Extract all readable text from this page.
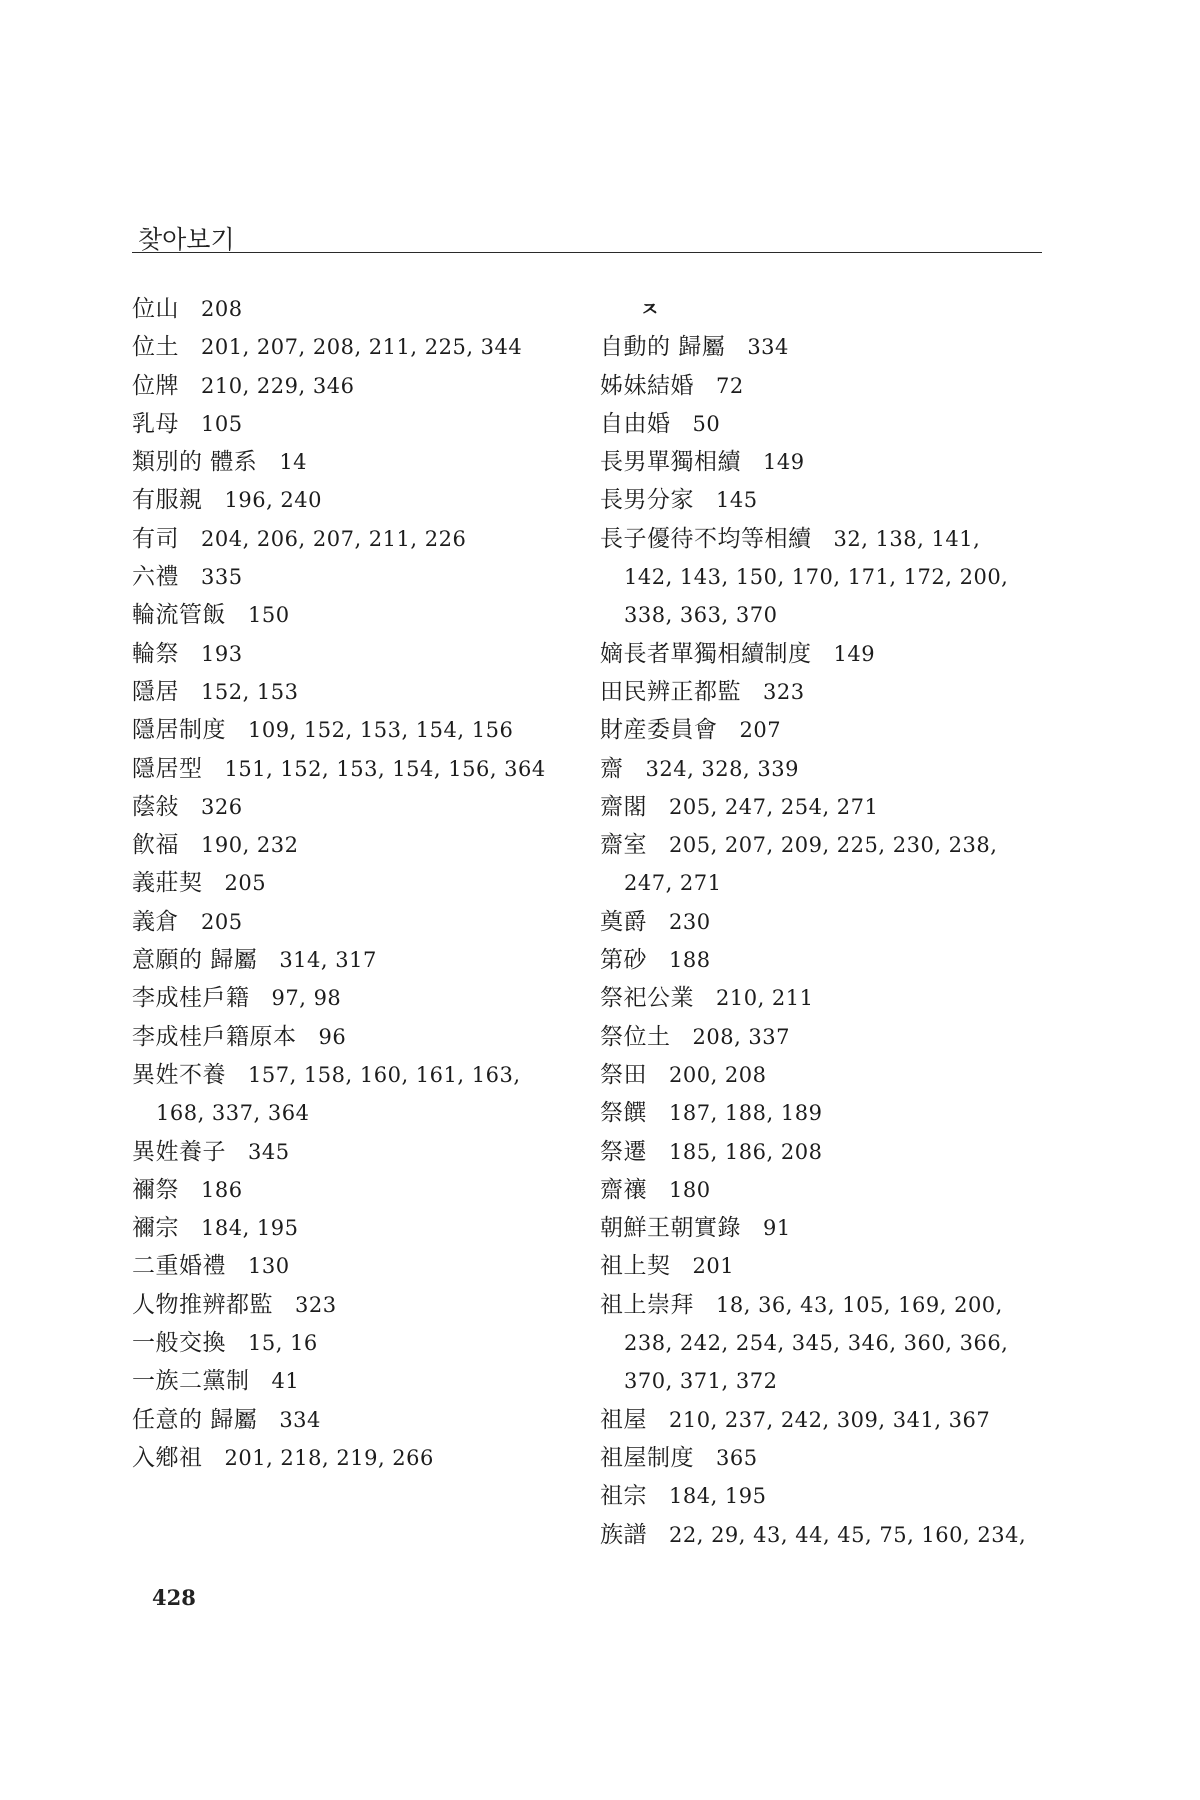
찾아보기
位山 208
位土 201, 207, 208, 211, 225, 344
位牌 210, 229, 346
乳母 105
類別的 體系 14
有服親 196, 240
有司 204, 206, 207, 211, 226
六禮 335
輪流管飯 150
輪祭 193
隱居 152, 153
隱居制度 109, 152, 153, 154, 156
隱居型 151, 152, 153, 154, 156, 364
蔭敍 326
飮福 190, 232
義莊契 205
義倉 205
意願的 歸屬 314, 317
李成桂戶籍 97, 98
李成桂戶籍原本 96
異姓不養 157, 158, 160, 161, 163,
168, 337, 364
異姓養子 345
禰祭 186
禰宗 184, 195
二重婚禮 130
人物推辨都監 323
一般交換 15, 16
一族二黨制 41
任意的 歸屬 334
入鄕祖 201, 218, 219, 266
ㅈ
自動的 歸屬 334
姊妹結婚 72
自由婚 50
長男單獨相續 149
長男分家 145
長子優待不均等相續 32, 138, 141,
142, 143, 150, 170, 171, 172, 200,
338, 363, 370
嫡長者單獨相續制度 149
田民辨正都監 323
財産委員會 207
齋 324, 328, 339
齋閣 205, 247, 254, 271
齋室 205, 207, 209, 225, 230, 238,
247, 271
奠爵 230
第砂 188
祭祀公業 210, 211
祭位土 208, 337
祭田 200, 208
祭饌 187, 188, 189
祭遷 185, 186, 208
齋禳 180
朝鮮王朝實錄 91
祖上契 201
祖上崇拜 18, 36, 43, 105, 169, 200,
238, 242, 254, 345, 346, 360, 366,
370, 371, 372
祖屋 210, 237, 242, 309, 341, 367
祖屋制度 365
祖宗 184, 195
族譜 22, 29, 43, 44, 45, 75, 160, 234,
428
